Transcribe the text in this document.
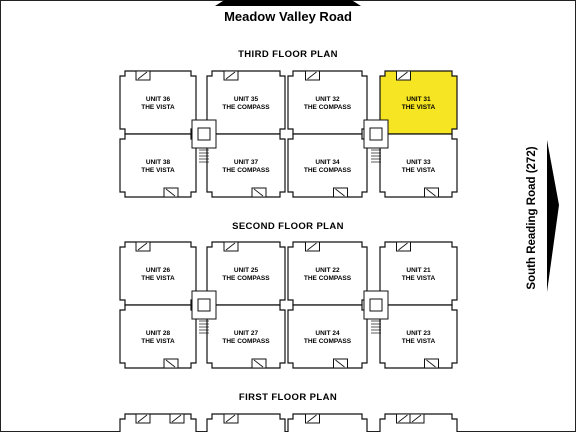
Meadow Valley Road
South Reading Road (272)
THIRD FLOOR PLAN
SECOND FLOOR PLAN
FIRST FLOOR PLAN
UNIT 36
THE VISTA
UNIT 35
THE COMPASS
UNIT 32
THE COMPASS
UNIT 31
THE VISTA
UNIT 38
THE VISTA
UNIT 37
THE COMPASS
UNIT 34
THE COMPASS
UNIT 33
THE VISTA
UNIT 26
THE VISTA
UNIT 25
THE COMPASS
UNIT 22
THE COMPASS
UNIT 21
THE VISTA
UNIT 28
THE VISTA
UNIT 27
THE COMPASS
UNIT 24
THE COMPASS
UNIT 23
THE VISTA
